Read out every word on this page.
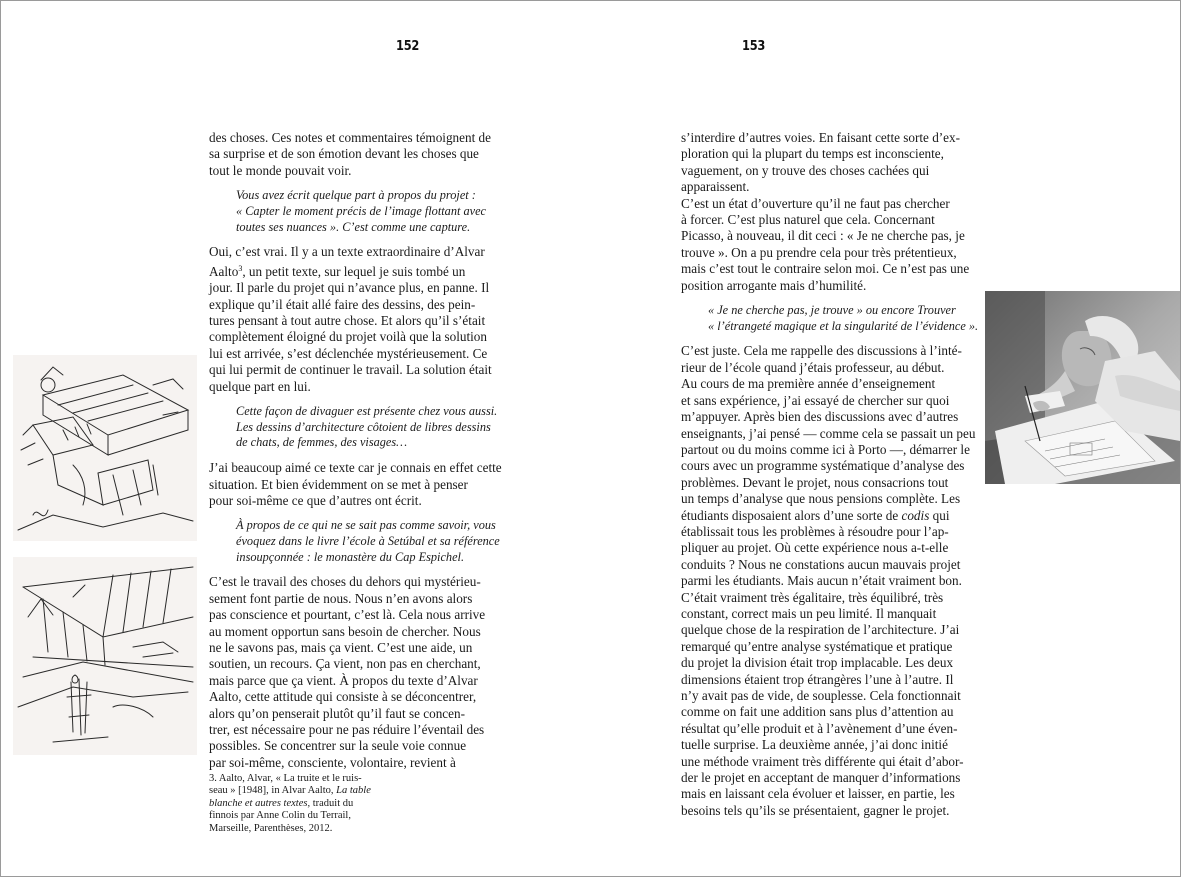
152	153
des choses. Ces notes et commentaires témoignent de
sa surprise et de son émotion devant les choses que
tout le monde pouvait voir.
Vous avez écrit quelque part à propos du projet :
« Capter le moment précis de l’image flottant avec
toutes ses nuances ». C’est comme une capture.
Oui, c’est vrai. Il y a un texte extraordinaire d’Alvar
Aalto$^3$, un petit texte, sur lequel je suis tombé un
jour. Il parle du projet qui n’avance plus, en panne. Il
explique qu’il était allé faire des dessins, des pein-
tures pensant à tout autre chose. Et alors qu’il s’était
complètement éloigné du projet voilà que la solution
lui est arrivée, s’est déclenchée mystérieusement. Ce
qui lui permit de continuer le travail. La solution était
quelque part en lui.
Cette façon de divaguer est présente chez vous aussi.
Les dessins d’architecture côtoient de libres dessins
de chats, de femmes, des visages…
J’ai beaucoup aimé ce texte car je connais en effet cette
situation. Et bien évidemment on se met à penser
pour soi-même ce que d’autres ont écrit.
À propos de ce qui ne se sait pas comme savoir, vous
évoquez dans le livre l’école à Setúbal et sa référence
insoupçonnée : le monastère du Cap Espichel.
C’est le travail des choses du dehors qui mystérieu-
sement font partie de nous. Nous n’en avons alors
pas conscience et pourtant, c’est là. Cela nous arrive
au moment opportun sans besoin de chercher. Nous
ne le savons pas, mais ça vient. C’est une aide, un
soutien, un recours. Ça vient, non pas en cherchant,
mais parce que ça vient. À propos du texte d’Alvar
Aalto, cette attitude qui consiste à se déconcentrer,
alors qu’on penserait plutôt qu’il faut se concen-
trer, est nécessaire pour ne pas réduire l’éventail des
possibles. Se concentrer sur la seule voie connue
par soi-même, consciente, volontaire, revient à
3. Aalto, Alvar, « La truite et le ruis-
seau » [1948], in Alvar Aalto, La table
blanche et autres textes, traduit du
finnois par Anne Colin du Terrail,
Marseille, Parenthèses, 2012.
s’interdire d’autres voies. En faisant cette sorte d’ex-
ploration qui la plupart du temps est inconsciente,
vaguement, on y trouve des choses cachées qui
apparaissent.
C’est un état d’ouverture qu’il ne faut pas chercher
à forcer. C’est plus naturel que cela. Concernant
Picasso, à nouveau, il dit ceci : « Je ne cherche pas, je
trouve ». On a pu prendre cela pour très prétentieux,
mais c’est tout le contraire selon moi. Ce n’est pas une
position arrogante mais d’humilité.
« Je ne cherche pas, je trouve » ou encore Trouver
« l’étrangeté magique et la singularité de l’évidence ».
C’est juste. Cela me rappelle des discussions à l’inté-
rieur de l’école quand j’étais professeur, au début.
Au cours de ma première année d’enseignement
et sans expérience, j’ai essayé de chercher sur quoi
m’appuyer. Après bien des discussions avec d’autres
enseignants, j’ai pensé — comme cela se passait un peu
partout ou du moins comme ici à Porto —, démarrer le
cours avec un programme systématique d’analyse des
problèmes. Devant le projet, nous consacrions tout
un temps d’analyse que nous pensions complète. Les
étudiants disposaient alors d’une sorte de codis qui
établissait tous les problèmes à résoudre pour l’ap-
pliquer au projet. Où cette expérience nous a-t-elle
conduits ? Nous ne constations aucun mauvais projet
parmi les étudiants. Mais aucun n’était vraiment bon.
C’était vraiment très égalitaire, très équilibré, très
constant, correct mais un peu limité. Il manquait
quelque chose de la respiration de l’architecture. J’ai
remarqué qu’entre analyse systématique et pratique
du projet la division était trop implacable. Les deux
dimensions étaient trop étrangères l’une à l’autre. Il
n’y avait pas de vide, de souplesse. Cela fonctionnait
comme on fait une addition sans plus d’attention au
résultat qu’elle produit et à l’avènement d’une éven-
tuelle surprise. La deuxième année, j’ai donc initié
une méthode vraiment très différente qui était d’abor-
der le projet en acceptant de manquer d’informations
mais en laissant cela évoluer et laisser, en partie, les
besoins tels qu’ils se présentaient, gagner le projet.
